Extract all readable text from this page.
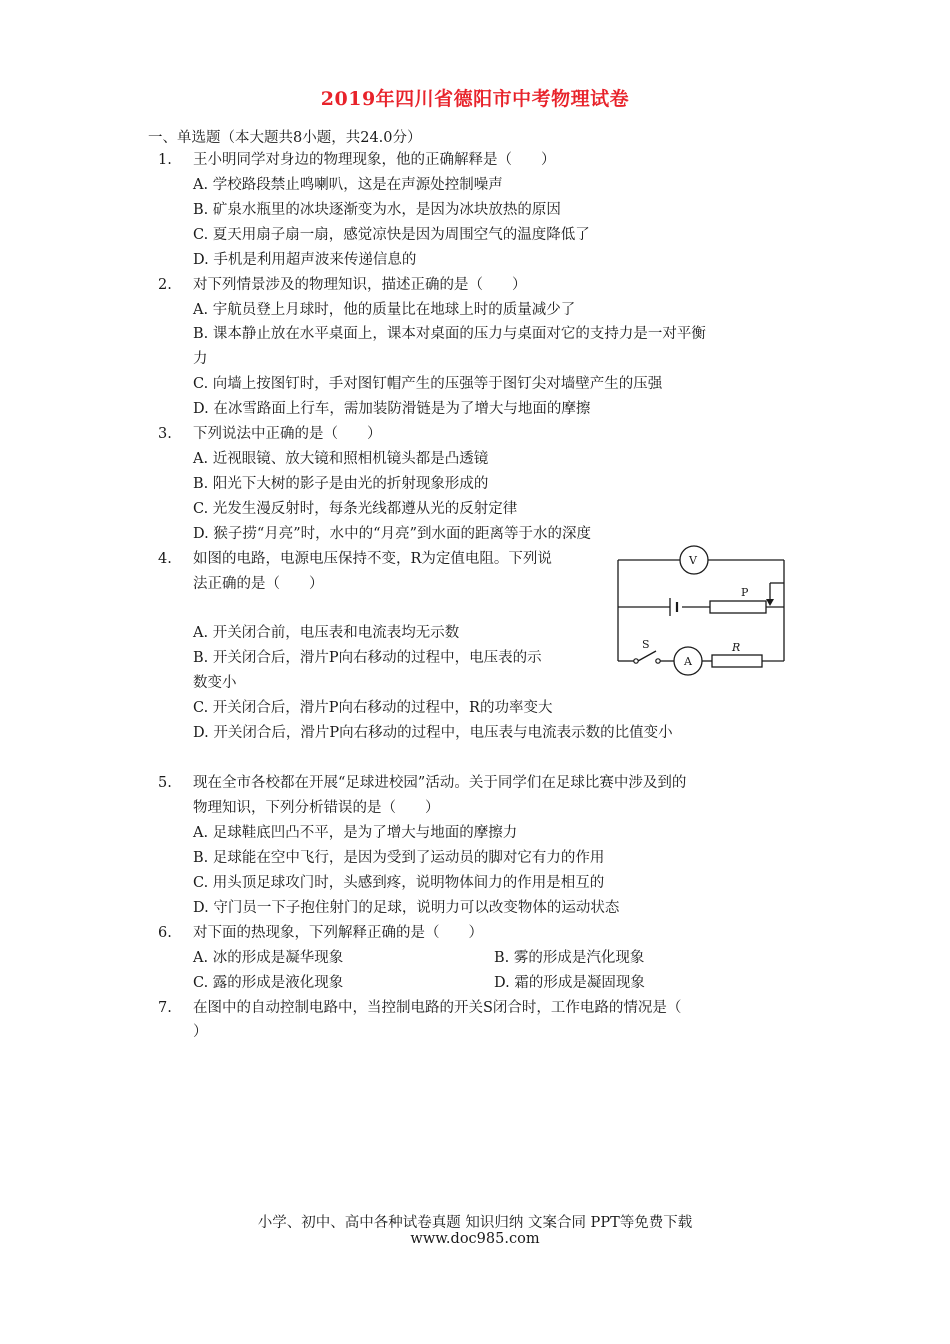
2019年四川省德阳市中考物理试卷
一、单选题（本大题共8小题，共24.0分）
1. 王小明同学对身边的物理现象，他的正确解释是（　　）
A. 学校路段禁止鸣喇叭，这是在声源处控制噪声
B. 矿泉水瓶里的冰块逐渐变为水，是因为冰块放热的原因
C. 夏天用扇子扇一扇，感觉凉快是因为周围空气的温度降低了
D. 手机是利用超声波来传递信息的
2. 对下列情景涉及的物理知识，描述正确的是（　　）
A. 宇航员登上月球时，他的质量比在地球上时的质量减少了
B. 课本静止放在水平桌面上，课本对桌面的压力与桌面对它的支持力是一对平衡
力
C. 向墙上按图钉时，手对图钉帽产生的压强等于图钉尖对墙壁产生的压强
D. 在冰雪路面上行车，需加装防滑链是为了增大与地面的摩擦
3. 下列说法中正确的是（　　）
A. 近视眼镜、放大镜和照相机镜头都是凸透镜
B. 阳光下大树的影子是由光的折射现象形成的
C. 光发生漫反射时，每条光线都遵从光的反射定律
D. 猴子捞“月亮”时，水中的“月亮”到水面的距离等于水的深度
4. 如图的电路，电源电压保持不变，R为定值电阻。下列说
法正确的是（　　）
A. 开关闭合前，电压表和电流表均无示数
B. 开关闭合后，滑片P向右移动的过程中，电压表的示
数变小
C. 开关闭合后，滑片P向右移动的过程中，R的功率变大
D. 开关闭合后，滑片P向右移动的过程中，电压表与电流表示数的比值变小
V
A
P
S	R
5. 现在全市各校都在开展“足球进校园”活动。关于同学们在足球比赛中涉及到的
物理知识，下列分析错误的是（　　）
A. 足球鞋底凹凸不平，是为了增大与地面的摩擦力
B. 足球能在空中飞行，是因为受到了运动员的脚对它有力的作用
C. 用头顶足球攻门时，头感到疼，说明物体间力的作用是相互的
D. 守门员一下子抱住射门的足球，说明力可以改变物体的运动状态
6. 对下面的热现象，下列解释正确的是（　　）
A. 冰的形成是凝华现象	B. 雾的形成是汽化现象
C. 露的形成是液化现象	D. 霜的形成是凝固现象
7. 在图中的自动控制电路中，当控制电路的开关S闭合时，工作电路的情况是（
）
小学、初中、高中各种试卷真题 知识归纳 文案合同 PPT等免费下载
www.doc985.com
